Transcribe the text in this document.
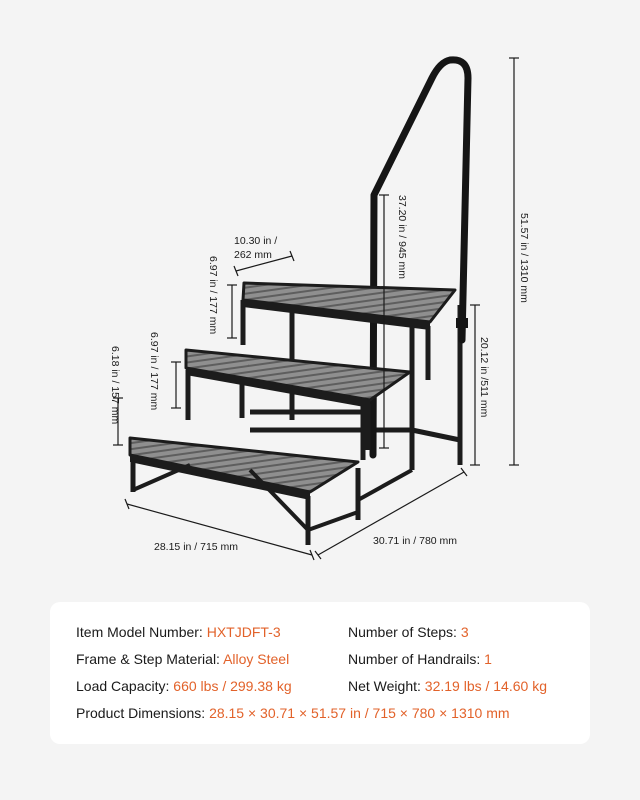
10.30 in /
262 mm
6.97 in / 177 mm
6.97 in / 177 mm
6.18 in / 157 mm
37.20 in / 945 mm	51.57 in / 1310 mm
20.12 in /511 mm
28.15 in / 715 mm	30.71 in / 780 mm
Item Model Number: HXTJDFT-3	Number of Steps: 3
Frame & Step Material: Alloy Steel	Number of Handrails: 1
Load Capacity: 660 lbs / 299.38 kg	Net Weight: 32.19 lbs / 14.60 kg
Product Dimensions: 28.15 × 30.71 × 51.57 in / 715 × 780 × 1310 mm
